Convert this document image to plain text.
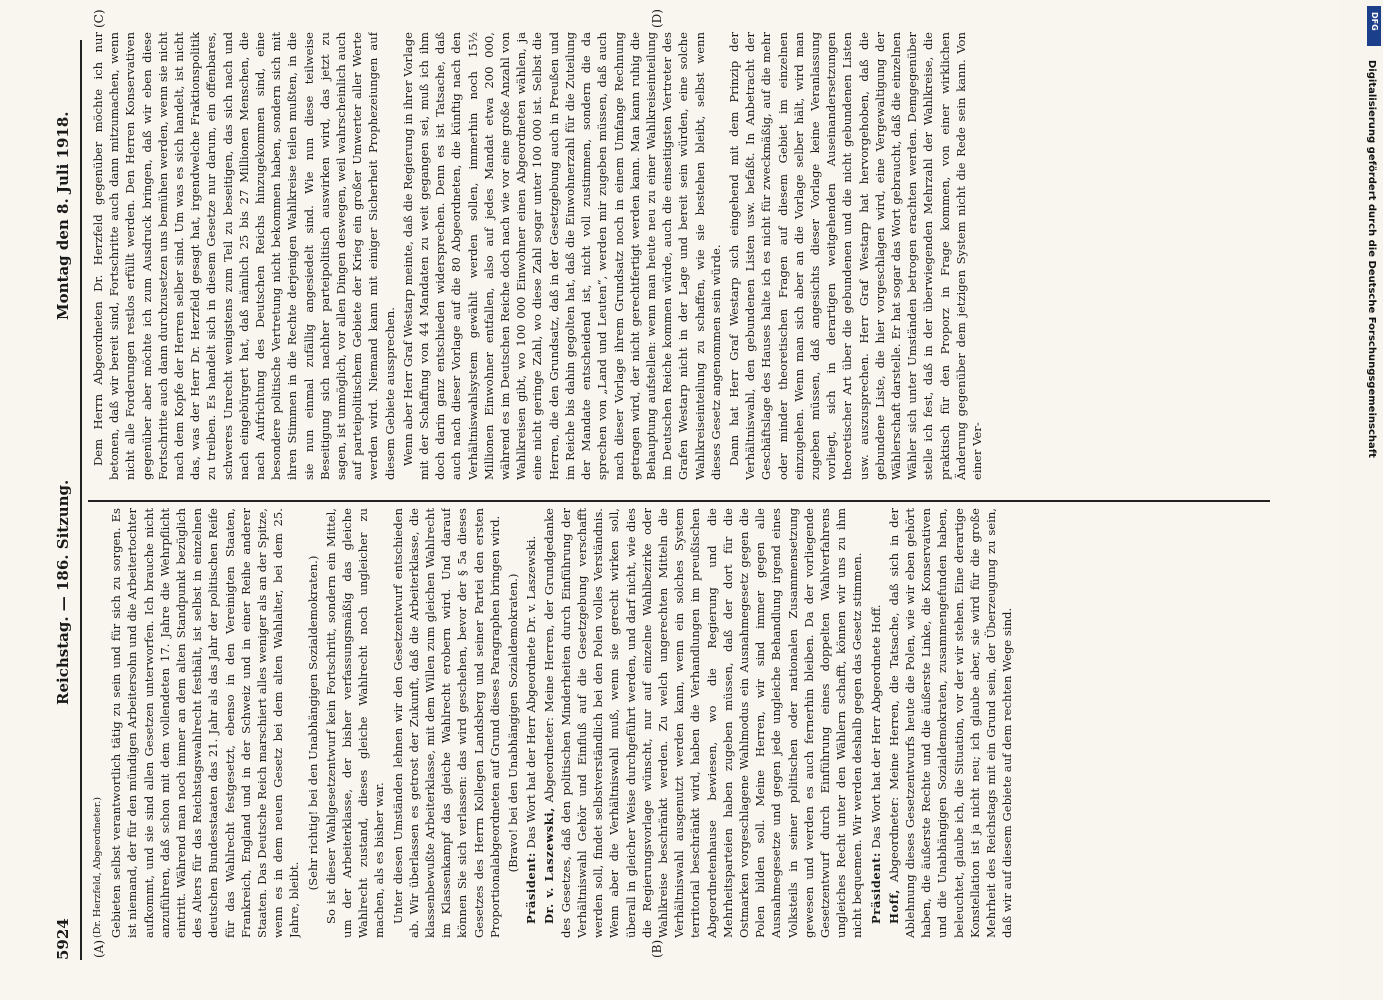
5924
Reichstag. — 186. Sitzung.
Montag den 8. Juli 1918.
(A)	(B)
(C)	(D)

(Dr. Herzfeld, Abgeordneter.) Gebieten selbst verantwortlich tätig zu sein und für sich zu sorgen. Es ist niemand, der für den mündigen Arbeitersohn und die Arbeitertochter aufkommt, und sie sind allen Gesetzen unterworfen. Ich brauche nicht anzuführen, daß schon mit dem vollendeten 17. Jahre die Wehrpflicht eintritt. Während man noch immer an dem alten Standpunkt bezüglich des Alters für das Reichstagswahlrecht festhält, ist selbst in einzelnen deutschen Bundesstaaten das 21. Jahr als das Jahr der politischen Reife für das Wahlrecht festgesetzt, ebenso in den Vereinigten Staaten, Frankreich, England und in der Schweiz und in einer Reihe anderer Staaten. Das Deutsche Reich marschiert alles weniger als an der Spitze, wenn es in dem neuen Gesetz bei dem alten Wahlalter, bei dem 25. Jahre, bleibt.

(Sehr richtig! bei den Unabhängigen Sozialdemokraten.) So ist dieser Wahlgesetzentwurf kein Fortschritt, sondern ein Mittel, um der Arbeiterklasse, der bisher verfassungsmäßig das gleiche Wahlrecht zustand, dieses gleiche Wahlrecht noch ungleicher zu machen, als es bisher war. Unter diesen Umständen lehnen wir den Gesetzentwurf entschieden ab. Wir überlassen es getrost der Zukunft, daß die Arbeiterklasse, die klassenbewußte Arbeiterklasse, mit dem Willen zum gleichen Wahlrecht im Klassenkampf das gleiche Wahlrecht erobern wird. Und darauf können Sie sich verlassen: das wird geschehen, bevor der § 5a dieses Gesetzes des Herrn Kollegen Landsberg und seiner Partei den ersten Proportionalabgeordneten auf Grund dieses Paragraphen bringen wird. (Bravo! bei den Unabhängigen Sozialdemokraten.)

Präsident: Das Wort hat der Herr Abgeordnete Dr. v. Laszewski.

Dr. v. Laszewski, Abgeordneter: Meine Herren, der Grundgedanke des Gesetzes, daß den politischen Minderheiten durch Einführung der Verhältniswahl Gehör und Einfluß auf die Gesetzgebung verschafft werden soll, findet selbstverständlich bei den Polen volles Verständnis. Wenn aber die Verhältniswahl muß, wenn sie gerecht wirken soll, überall in gleicher Weise durchgeführt werden, und darf nicht, wie dies die Regierungsvorlage wünscht, nur auf einzelne Wahlbezirke oder Wahlkreise beschränkt werden. Zu welch ungerechten Mitteln die Verhältniswahl ausgenutzt werden kann, wenn ein solches System territorial beschränkt wird, haben die Verhandlungen im preußischen Abgeordnetenhause bewiesen, wo die Regierung und die Mehrheitsparteien haben zugeben müssen, daß der dort für die Ostmarken vorgeschlagene Wahlmodus ein Ausnahmegesetz gegen die Polen bilden soll. Meine Herren, wir sind immer gegen alle Ausnahmegesetze und gegen jede ungleiche Behandlung irgend eines Volksteils in seiner politischen oder nationalen Zusammensetzung gewesen und werden es auch fernerhin bleiben. Da der vorliegende Gesetzentwurf durch Einführung eines doppelten Wahlverfahrens ungleiches Recht unter den Wählern schafft, können wir uns zu ihm nicht bequemen. Wir werden deshalb gegen das Gesetz stimmen. Präsident: Das Wort hat der Herr Abgeordnete Hoff.

Hoff, Abgeordneter: Meine Herren, die Tatsache, daß sich in der Ablehnung dieses Gesetzentwurfs heute die Polen, wie wir eben gehört haben, die äußerste Rechte und die äußerste Linke, die Konservativen und die Unabhängigen Sozialdemokraten, zusammengefunden haben, beleuchtet, glaube ich, die Situation, vor der wir stehen. Eine derartige Konstellation ist ja nicht neu; ich glaube aber, sie wird für die große Mehrheit des Reichstags mit ein Grund sein, der Überzeugung zu sein, daß wir auf diesem Gebiete auf dem rechten Wege sind.

Dem Herrn Abgeordneten Dr. Herzfeld gegenüber möchte ich nur betonen, daß wir bereit sind, Fortschritte auch dann mitzumachen, wenn nicht alle Forderungen restlos erfüllt werden. Den Herren Konservativen gegenüber aber möchte ich zum Ausdruck bringen, daß wir eben diese Fortschritte auch dann durchzusetzen uns bemühen werden, wenn sie nicht nach dem Kopfe der Herren selber sind. Um was es sich handelt, ist nicht das, was der Herr Dr. Herzfeld gesagt hat, irgendwelche Fraktionspolitik zu treiben. Es handelt sich in diesem Gesetze nur darum, ein offenbares, schweres Unrecht wenigstens zum Teil zu beseitigen, das sich nach und nach eingebürgert hat, daß nämlich 25 bis 27 Millionen Menschen, die nach Aufrichtung des Deutschen Reichs hinzugekommen sind, eine besondere politische Vertretung nicht bekommen haben, sondern sich mit ihren Stimmen in die Rechte derjenigen Wahlkreise teilen mußten, in die sie nun einmal zufällig angesiedelt sind. Wie nun diese teilweise Beseitigung sich nachher parteipolitisch auswirken wird, das jetzt zu sagen, ist unmöglich, vor allen Dingen deswegen, weil wahrscheinlich auch auf parteipolitischem Gebiete der Krieg ein großer Umwerter aller Werte werden wird. Niemand kann mit einiger Sicherheit Prophezeiungen auf diesem Gebiete aussprechen. Wenn aber Herr Graf Westarp meinte, daß die Regierung in ihrer Vorlage mit der Schaffung von 44 Mandaten zu weit gegangen sei, muß ich ihm doch darin ganz entschieden widersprechen. Denn es ist Tatsache, daß auch nach dieser Vorlage auf die 80 Abgeordneten, die künftig nach den Verhältniswahlsystem gewählt werden sollen, immerhin noch 15½ Millionen Einwohner entfallen, also auf jedes Mandat etwa 200 000, während es im Deutschen Reiche doch nach wie vor eine große Anzahl von Wahlkreisen gibt, wo 100 000 Einwohner einen Abgeordneten wählen, ja eine nicht geringe Zahl, wo diese Zahl sogar unter 100 000 ist. Selbst die Herren, die den Grundsatz, daß in der Gesetzgebung auch in Preußen und im Reiche bis dahin gegolten hat, daß die Einwohnerzahl für die Zuteilung der Mandate entscheidend ist, nicht voll zustimmen, sondern die da sprechen von „Land und Leuten“, werden mir zugeben müssen, daß auch nach dieser Vorlage ihrem Grundsatz noch in einem Umfange Rechnung getragen wird, der nicht gerechtfertigt werden kann. Man kann ruhig die Behauptung aufstellen: wenn man heute neu zu einer Wahlkreiseinteilung im Deutschen Reiche kommen würde, auch die einseitigsten Vertreter des Grafen Westarp nicht in der Lage und bereit sein würden, eine solche Wahlkreiseinteilung zu schaffen, wie sie bestehen bleibt, selbst wenn dieses Gesetz angenommen sein würde. Dann hat Herr Graf Westarp sich eingehend mit dem Prinzip der Verhältniswahl, den gebundenen Listen usw. befaßt. In Anbetracht der Geschäftslage des Hauses halte ich es nicht für zweckmäßig, auf die mehr oder minder theoretischen Fragen auf diesem Gebiet im einzelnen einzugehen. Wenn man sich aber an die Vorlage selber hält, wird man zugeben müssen, daß angesichts dieser Vorlage keine Veranlassung vorliegt, sich in derartigen weitgehenden Auseinandersetzungen theoretischer Art über die gebundenen und die nicht gebundenen Listen usw. auszusprechen. Herr Graf Westarp hat hervorgehoben, daß die gebundene Liste, die hier vorgeschlagen wird, eine Vergewaltigung der Wählerschaft darstelle. Er hat sogar das Wort gebraucht, daß die einzelnen Wähler sich unter Umständen betrogen erachten werden. Demgegenüber stelle ich fest, daß in der überwiegenden Mehrzahl der Wahlkreise, die praktisch für den Proporz in Frage kommen, von einer wirklichen Änderung gegenüber dem jetzigen System nicht die Rede sein kann. Von einer Ver-	Digitalisierung gefördert durch die Deutsche Forschungsgemeinschaft
DFG
